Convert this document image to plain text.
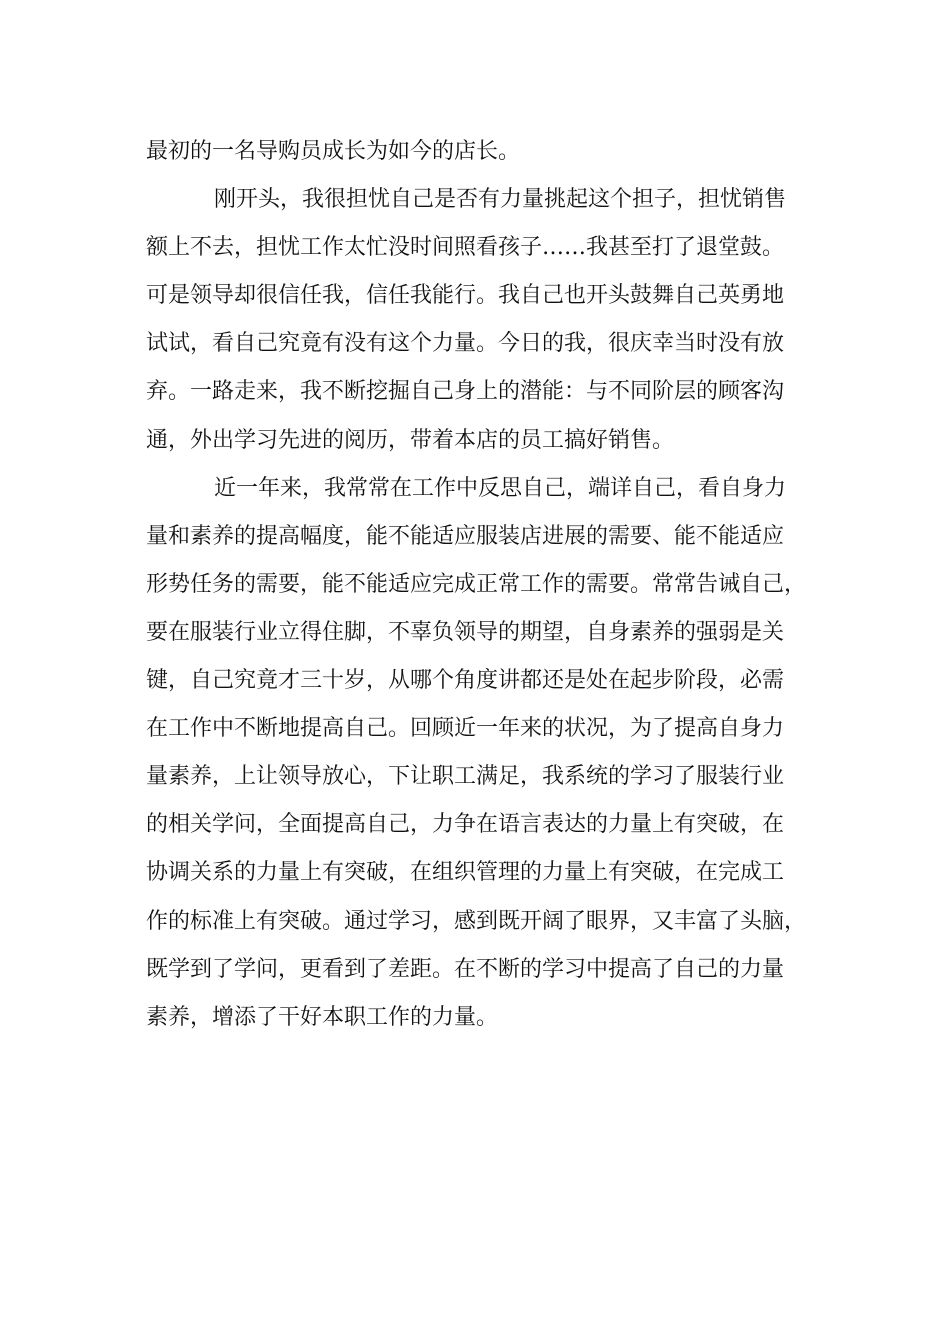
最初的一名导购员成长为如今的店长。
刚开头，我很担忧自己是否有力量挑起这个担子，担忧销售
额上不去，担忧工作太忙没时间照看孩子……我甚至打了退堂鼓。
可是领导却很信任我，信任我能行。我自己也开头鼓舞自己英勇地
试试，看自己究竟有没有这个力量。今日的我，很庆幸当时没有放
弃。一路走来，我不断挖掘自己身上的潜能：与不同阶层的顾客沟
通，外出学习先进的阅历，带着本店的员工搞好销售。
近一年来，我常常在工作中反思自己，端详自己，看自身力
量和素养的提高幅度，能不能适应服装店进展的需要、能不能适应
形势任务的需要，能不能适应完成正常工作的需要。常常告诫自己，
要在服装行业立得住脚，不辜负领导的期望，自身素养的强弱是关
键，自己究竟才三十岁，从哪个角度讲都还是处在起步阶段，必需
在工作中不断地提高自己。回顾近一年来的状况，为了提高自身力
量素养，上让领导放心，下让职工满足，我系统的学习了服装行业
的相关学问，全面提高自己，力争在语言表达的力量上有突破，在
协调关系的力量上有突破，在组织管理的力量上有突破，在完成工
作的标准上有突破。通过学习，感到既开阔了眼界，又丰富了头脑，
既学到了学问，更看到了差距。在不断的学习中提高了自己的力量
素养，增添了干好本职工作的力量。
